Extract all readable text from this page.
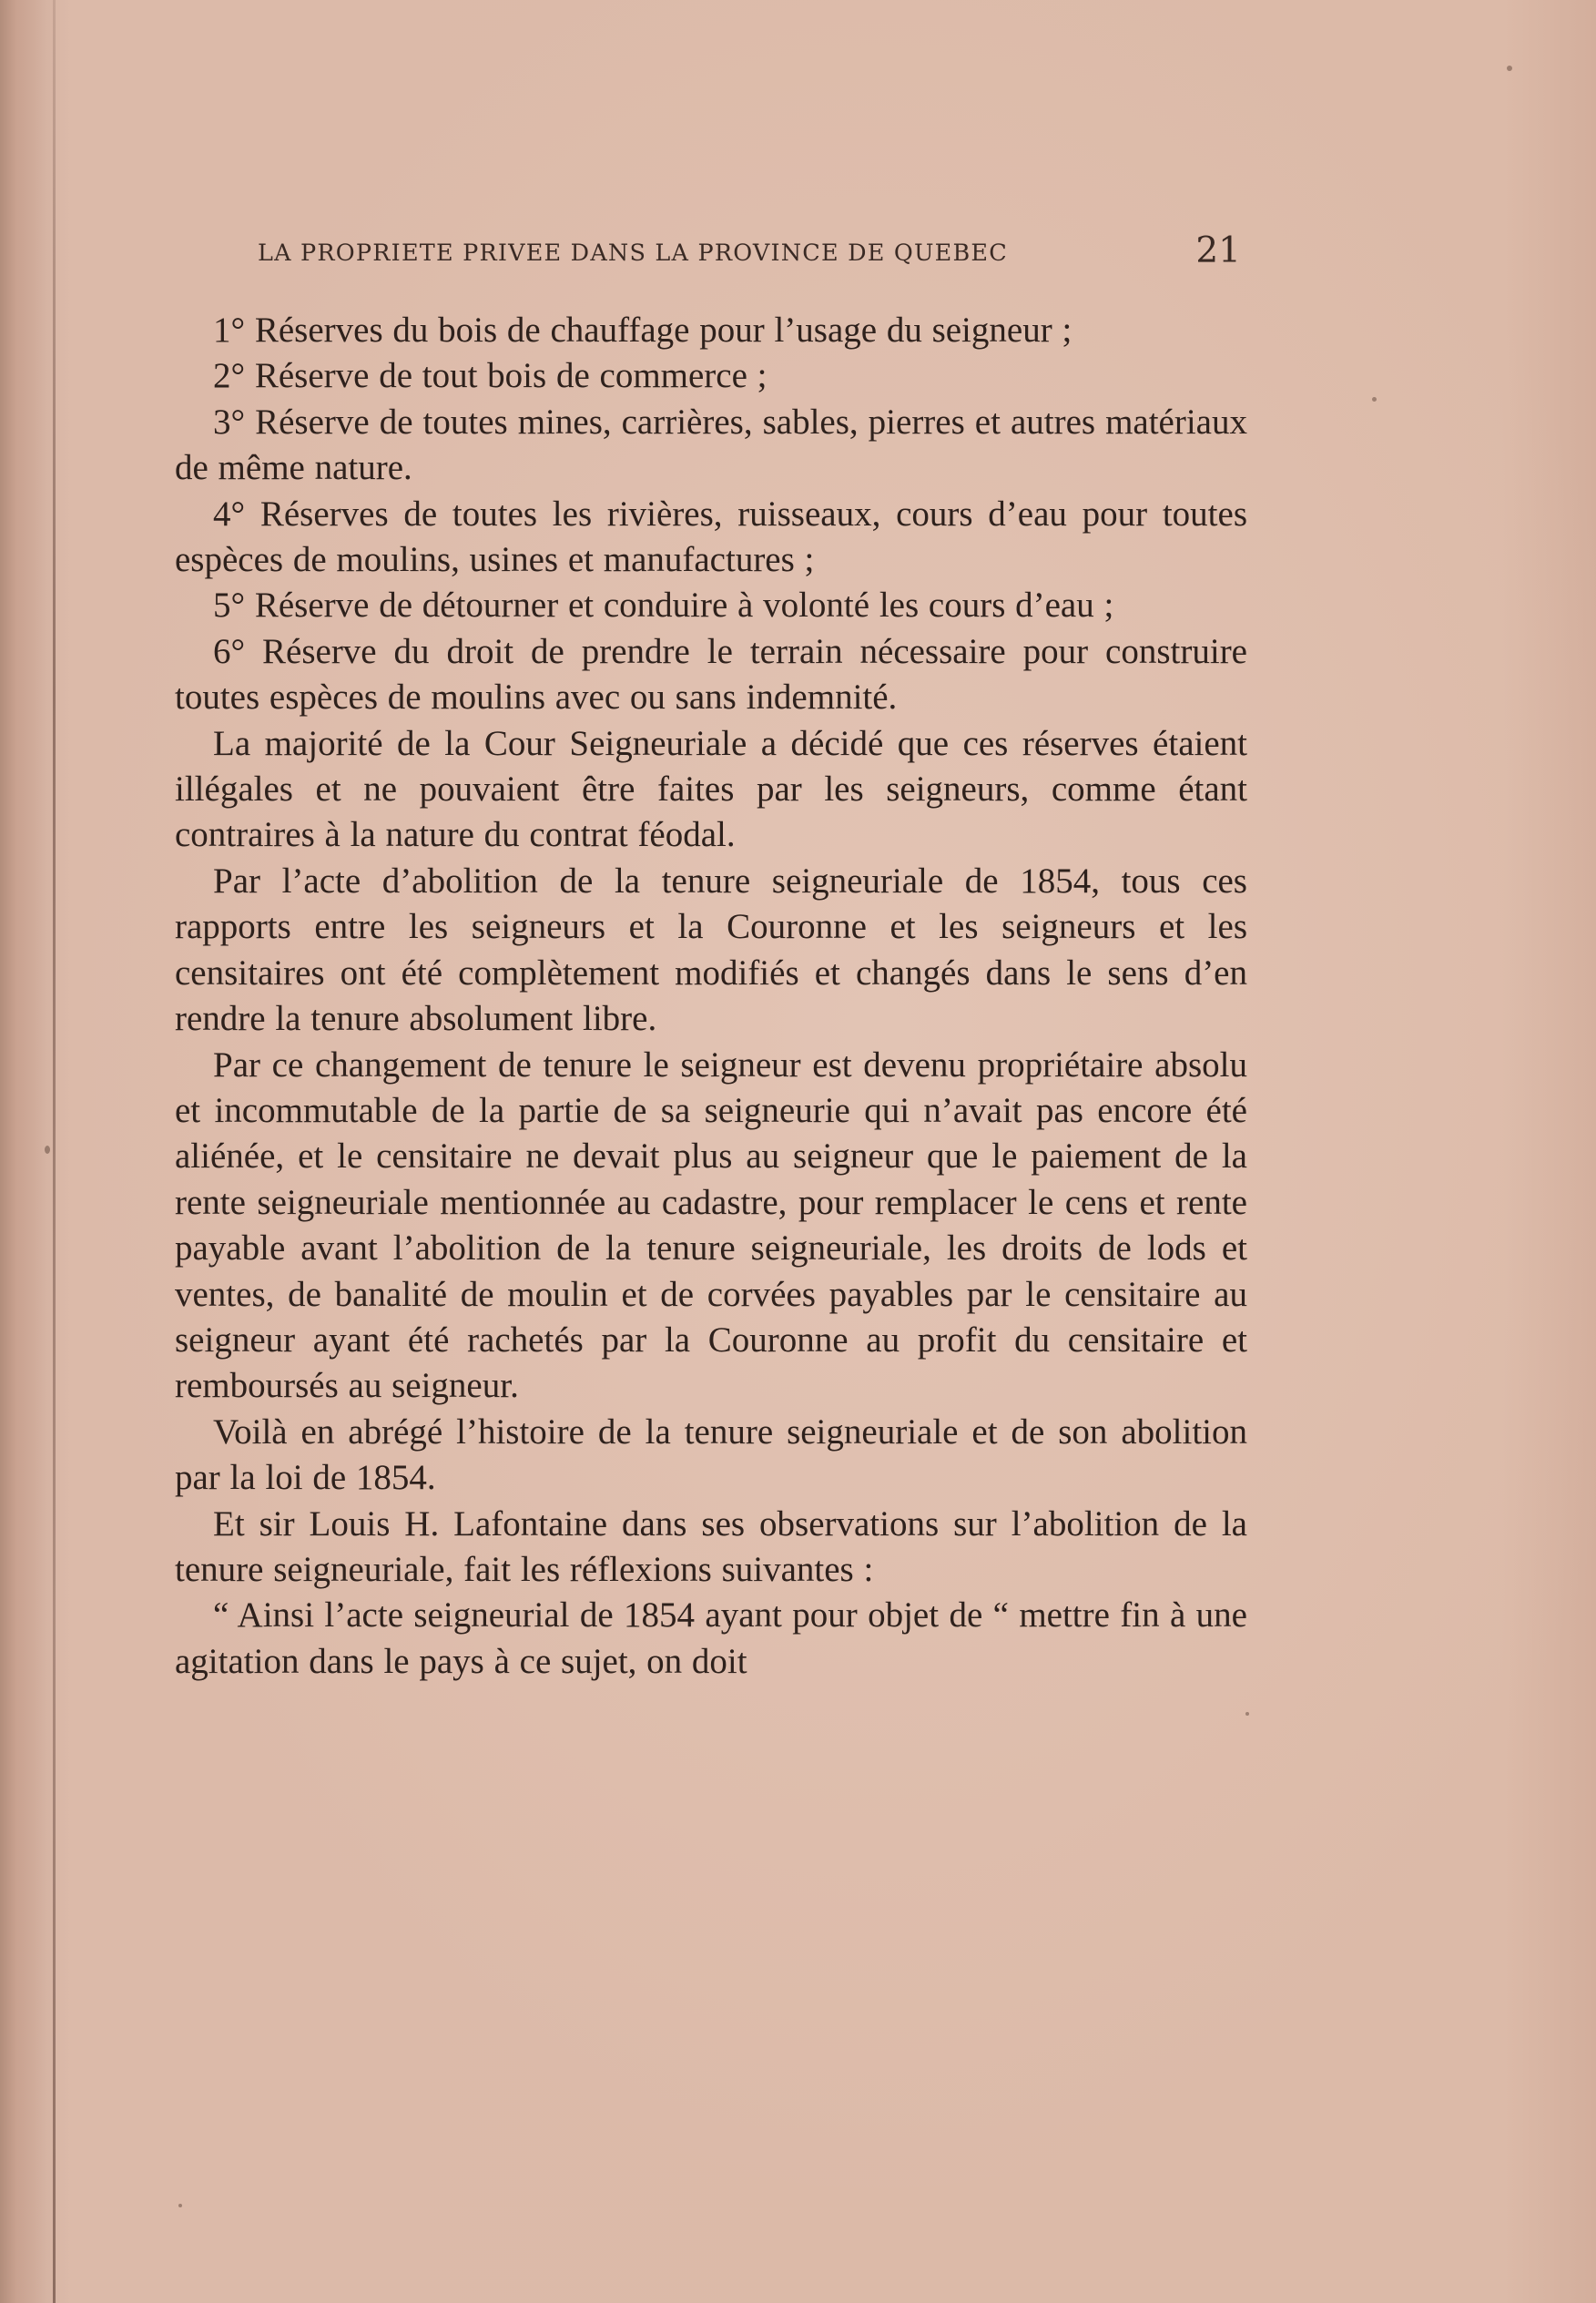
LA PROPRIETE PRIVEE DANS LA PROVINCE DE QUEBEC	21

1° Réserves du bois de chauffage pour l’usage du seigneur ;

2° Réserve de tout bois de commerce ;

3° Réserve de toutes mines, carrières, sables, pierres et autres matériaux de même nature.

4° Réserves de toutes les rivières, ruisseaux, cours d’eau pour toutes espèces de moulins, usines et manufactures ;

5° Réserve de détourner et conduire à volonté les cours d’eau ;

6° Réserve du droit de prendre le terrain nécessaire pour construire toutes espèces de moulins avec ou sans indemnité.

La majorité de la Cour Seigneuriale a décidé que ces réserves étaient illégales et ne pouvaient être faites par les seigneurs, comme étant contraires à la nature du contrat féodal.

Par l’acte d’abolition de la tenure seigneuriale de 1854, tous ces rapports entre les seigneurs et la Couronne et les seigneurs et les censitaires ont été complètement modifiés et changés dans le sens d’en rendre la tenure absolument libre.

Par ce changement de tenure le seigneur est devenu propriétaire absolu et incommutable de la partie de sa seigneurie qui n’avait pas encore été aliénée, et le censitaire ne devait plus au seigneur que le paiement de la rente seigneuriale mentionnée au cadastre, pour remplacer le cens et rente payable avant l’abolition de la tenure seigneuriale, les droits de lods et ventes, de banalité de moulin et de corvées payables par le censitaire au seigneur ayant été rachetés par la Couronne au profit du censitaire et remboursés au seigneur.

Voilà en abrégé l’histoire de la tenure seigneuriale et de son abolition par la loi de 1854.

Et sir Louis H. Lafontaine dans ses observations sur l’abolition de la tenure seigneuriale, fait les réflexions suivantes :

“ Ainsi l’acte seigneurial de 1854 ayant pour objet de “ mettre fin à une agitation dans le pays à ce sujet, on doit
